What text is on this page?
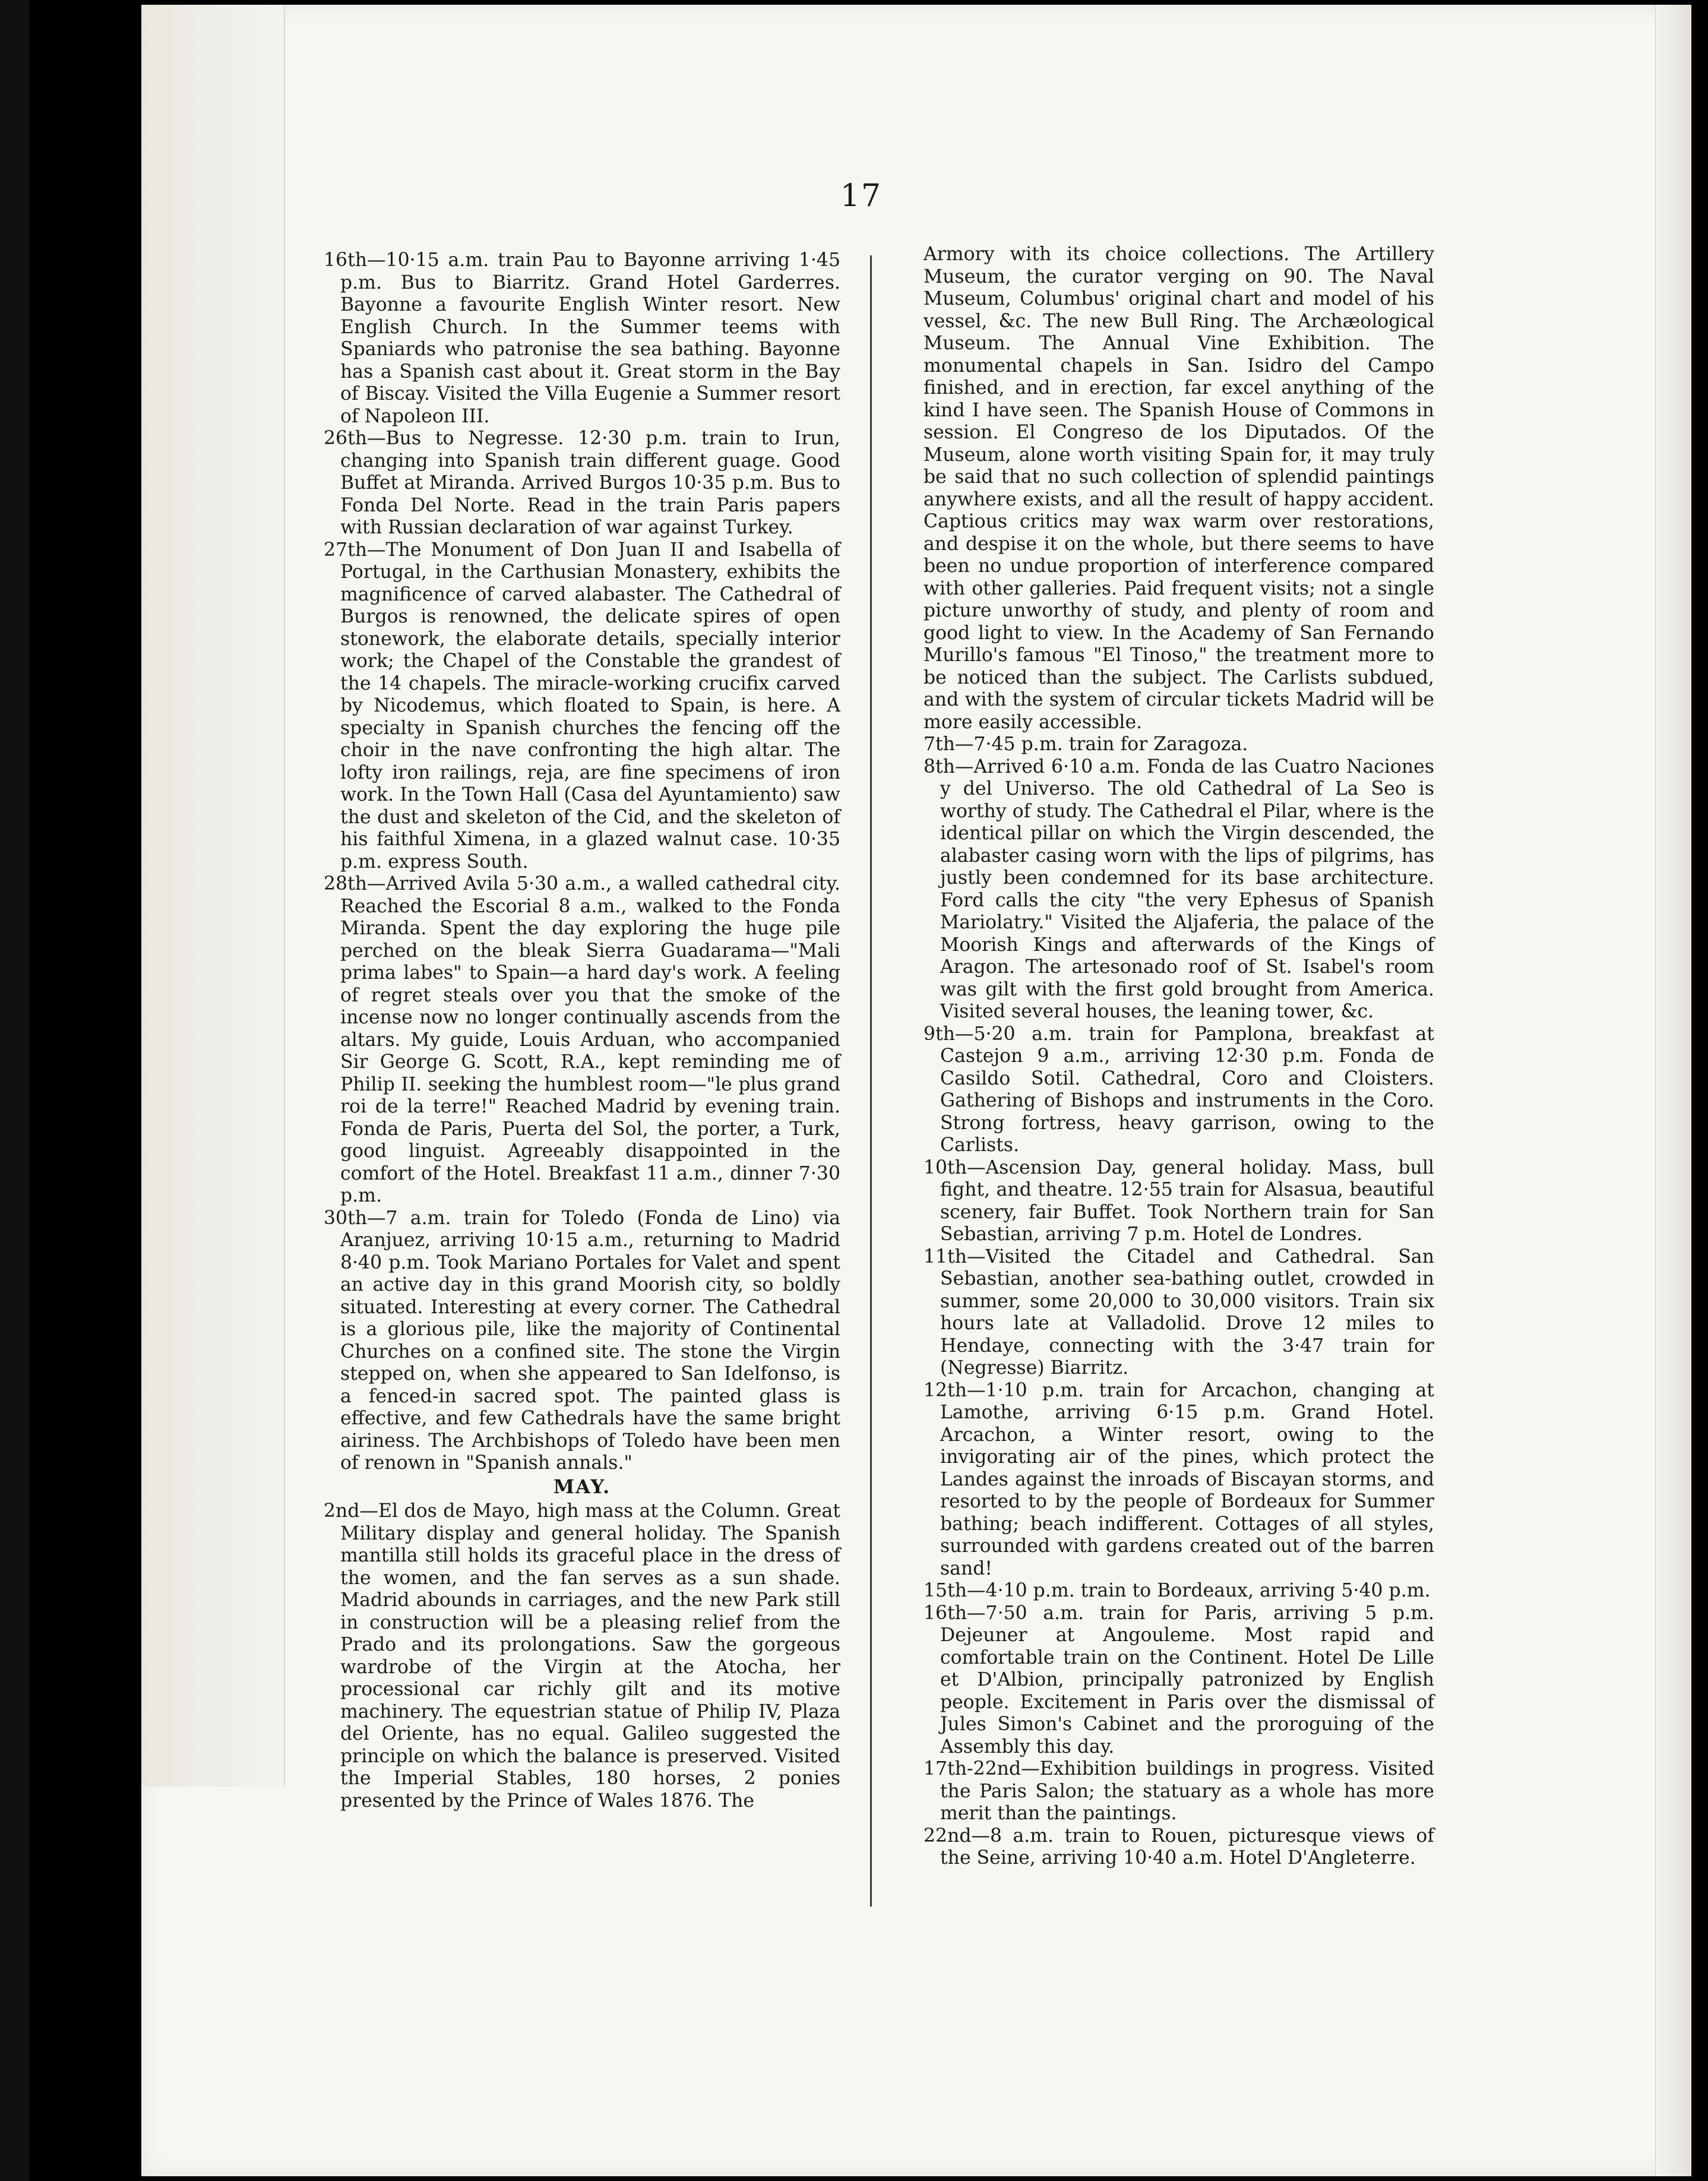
17

16th—10·15 a.m. train Pau to Bayonne arriving 1·45 p.m. Bus to Biarritz. Grand Hotel Garderres. Bayonne a favourite English Winter resort. New English Church. In the Summer teems with Spaniards who patronise the sea bathing. Bayonne has a Spanish cast about it. Great storm in the Bay of Biscay. Visited the Villa Eugenie a Summer resort of Napoleon III.

26th—Bus to Negresse. 12·30 p.m. train to Irun, changing into Spanish train different guage. Good Buffet at Miranda. Arrived Burgos 10·35 p.m. Bus to Fonda Del Norte. Read in the train Paris papers with Russian declaration of war against Turkey.

27th—The Monument of Don Juan II and Isabella of Portugal, in the Carthusian Monastery, exhibits the magnificence of carved alabaster. The Cathedral of Burgos is renowned, the delicate spires of open stonework, the elaborate details, specially interior work; the Chapel of the Constable the grandest of the 14 chapels. The miracle-working crucifix carved by Nicodemus, which floated to Spain, is here. A specialty in Spanish churches the fencing off the choir in the nave confronting the high altar. The lofty iron railings, reja, are fine specimens of iron work. In the Town Hall (Casa del Ayuntamiento) saw the dust and skeleton of the Cid, and the skeleton of his faithful Ximena, in a glazed walnut case. 10·35 p.m. express South.

28th—Arrived Avila 5·30 a.m., a walled cathedral city. Reached the Escorial 8 a.m., walked to the Fonda Miranda. Spent the day exploring the huge pile perched on the bleak Sierra Guadarama—"Mali prima labes" to Spain—a hard day's work. A feeling of regret steals over you that the smoke of the incense now no longer continually ascends from the altars. My guide, Louis Arduan, who accompanied Sir George G. Scott, R.A., kept reminding me of Philip II. seeking the humblest room—"le plus grand roi de la terre!" Reached Madrid by evening train. Fonda de Paris, Puerta del Sol, the porter, a Turk, good linguist. Agreeably disappointed in the comfort of the Hotel. Breakfast 11 a.m., dinner 7·30 p.m.

30th—7 a.m. train for Toledo (Fonda de Lino) via Aranjuez, arriving 10·15 a.m., returning to Madrid 8·40 p.m. Took Mariano Portales for Valet and spent an active day in this grand Moorish city, so boldly situated. Interesting at every corner. The Cathedral is a glorious pile, like the majority of Continental Churches on a confined site. The stone the Virgin stepped on, when she appeared to San Idelfonso, is a fenced-in sacred spot. The painted glass is effective, and few Cathedrals have the same bright airiness. The Archbishops of Toledo have been men of renown in "Spanish annals."

MAY.

2nd—El dos de Mayo, high mass at the Column. Great Military display and general holiday. The Spanish mantilla still holds its graceful place in the dress of the women, and the fan serves as a sun shade. Madrid abounds in carriages, and the new Park still in construction will be a pleasing relief from the Prado and its prolongations. Saw the gorgeous wardrobe of the Virgin at the Atocha, her processional car richly gilt and its motive machinery. The equestrian statue of Philip IV, Plaza del Oriente, has no equal. Galileo suggested the principle on which the balance is preserved. Visited the Imperial Stables, 180 horses, 2 ponies presented by the Prince of Wales 1876. The

Armory with its choice collections. The Artillery Museum, the curator verging on 90. The Naval Museum, Columbus' original chart and model of his vessel, &c. The new Bull Ring. The Archæological Museum. The Annual Vine Exhibition. The monumental chapels in San. Isidro del Campo finished, and in erection, far excel anything of the kind I have seen. The Spanish House of Commons in session. El Congreso de los Diputados. Of the Museum, alone worth visiting Spain for, it may truly be said that no such collection of splendid paintings anywhere exists, and all the result of happy accident. Captious critics may wax warm over restorations, and despise it on the whole, but there seems to have been no undue proportion of interference compared with other galleries. Paid frequent visits; not a single picture unworthy of study, and plenty of room and good light to view. In the Academy of San Fernando Murillo's famous "El Tinoso," the treatment more to be noticed than the subject. The Carlists subdued, and with the system of circular tickets Madrid will be more easily accessible.

7th—7·45 p.m. train for Zaragoza.

8th—Arrived 6·10 a.m. Fonda de las Cuatro Naciones y del Universo. The old Cathedral of La Seo is worthy of study. The Cathedral el Pilar, where is the identical pillar on which the Virgin descended, the alabaster casing worn with the lips of pilgrims, has justly been condemned for its base architecture. Ford calls the city "the very Ephesus of Spanish Mariolatry." Visited the Aljaferia, the palace of the Moorish Kings and afterwards of the Kings of Aragon. The artesonado roof of St. Isabel's room was gilt with the first gold brought from America. Visited several houses, the leaning tower, &c.

9th—5·20 a.m. train for Pamplona, breakfast at Castejon 9 a.m., arriving 12·30 p.m. Fonda de Casildo Sotil. Cathedral, Coro and Cloisters. Gathering of Bishops and instruments in the Coro. Strong fortress, heavy garrison, owing to the Carlists.

10th—Ascension Day, general holiday. Mass, bull fight, and theatre. 12·55 train for Alsasua, beautiful scenery, fair Buffet. Took Northern train for San Sebastian, arriving 7 p.m. Hotel de Londres.

11th—Visited the Citadel and Cathedral. San Sebastian, another sea-bathing outlet, crowded in summer, some 20,000 to 30,000 visitors. Train six hours late at Valladolid. Drove 12 miles to Hendaye, connecting with the 3·47 train for (Negresse) Biarritz.

12th—1·10 p.m. train for Arcachon, changing at Lamothe, arriving 6·15 p.m. Grand Hotel. Arcachon, a Winter resort, owing to the invigorating air of the pines, which protect the Landes against the inroads of Biscayan storms, and resorted to by the people of Bordeaux for Summer bathing; beach indifferent. Cottages of all styles, surrounded with gardens created out of the barren sand!

15th—4·10 p.m. train to Bordeaux, arriving 5·40 p.m.

16th—7·50 a.m. train for Paris, arriving 5 p.m. Dejeuner at Angouleme. Most rapid and comfortable train on the Continent. Hotel De Lille et D'Albion, principally patronized by English people. Excitement in Paris over the dismissal of Jules Simon's Cabinet and the proroguing of the Assembly this day.

17th-22nd—Exhibition buildings in progress. Visited the Paris Salon; the statuary as a whole has more merit than the paintings.

22nd—8 a.m. train to Rouen, picturesque views of the Seine, arriving 10·40 a.m. Hotel D'Angleterre.
